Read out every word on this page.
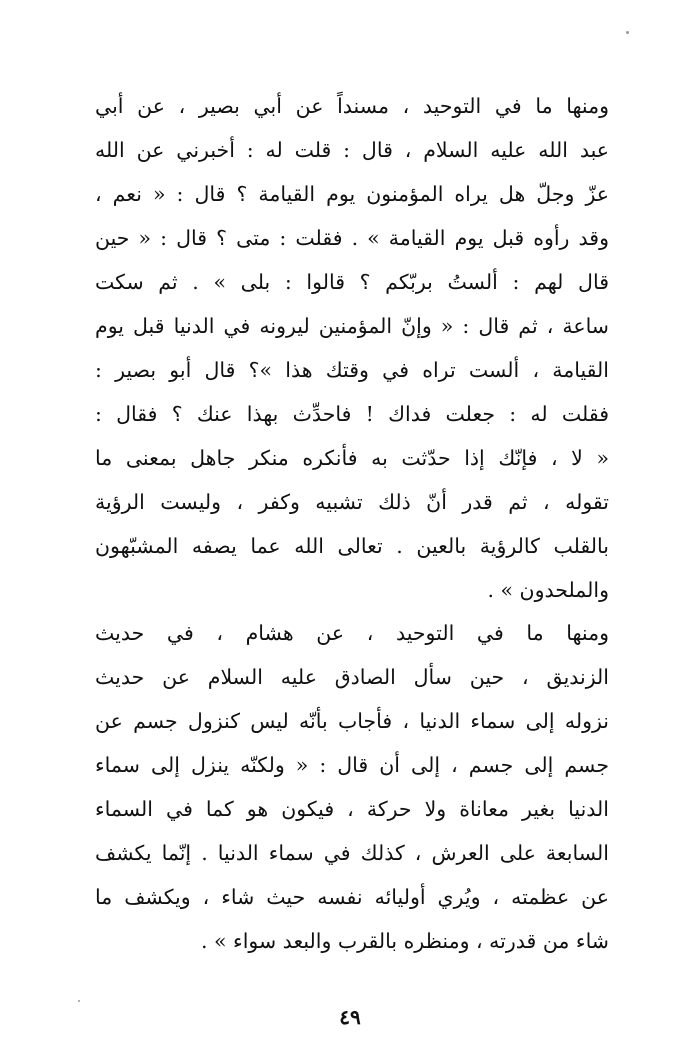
ومنها ما في التوحيد ، مسنداً عن أبي بصير ، عن أبي
عبد الله عليه السلام ، قال : قلت له : أخبرني عن الله
عزّ وجلّ هل يراه المؤمنون يوم القيامة ؟ قال : « نعم ،
وقد رأوه قبل يوم القيامة » . فقلت : متى ؟ قال : « حين
قال لهم : ألستُ بربّكم ؟ قالوا : بلى » . ثم سكت
ساعة ، ثم قال : « وإنّ المؤمنين ليرونه في الدنيا قبل يوم
القيامة ، ألست تراه في وقتك هذا »؟ قال أبو بصير :
فقلت له : جعلت فداك ! فاحدِّث بهذا عنك ؟ فقال :
« لا ، فإنّك إذا حدّثت به فأنكره منكر جاهل بمعنى ما
تقوله ، ثم قدر أنّ ذلك تشبيه وكفر ، وليست الرؤية
بالقلب كالرؤية بالعين . تعالى الله عما يصفه المشبّهون
والملحدون » .
ومنها ما في التوحيد ، عن هشام ، في حديث
الزنديق ، حين سأل الصادق عليه السلام عن حديث
نزوله إلى سماء الدنيا ، فأجاب بأنّه ليس كنزول جسم عن
جسم إلى جسم ، إلى أن قال : « ولكنّه ينزل إلى سماء
الدنيا بغير معاناة ولا حركة ، فيكون هو كما في السماء
السابعة على العرش ، كذلك في سماء الدنيا . إنّما يكشف
عن عظمته ، ويُري أوليائه نفسه حيث شاء ، ويكشف ما
شاء من قدرته ، ومنظره بالقرب والبعد سواء » .
٤٩
